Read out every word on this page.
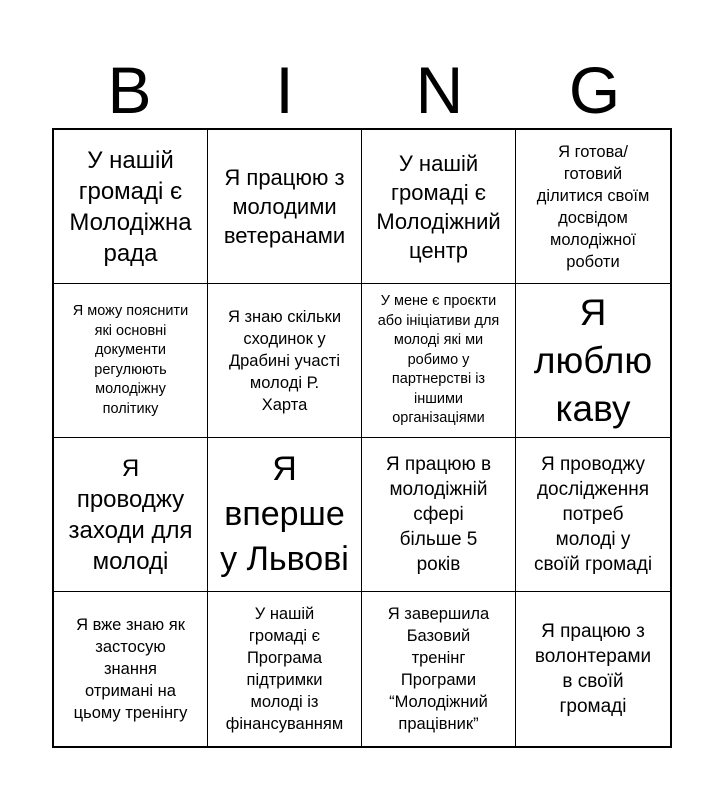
B	I	N	G
У нашій
громаді є
Молодіжна
рада
Я працюю з
молодими
ветеранами
У нашій
громаді є
Молодіжний
центр
Я готова/
готовий
ділитися своїм
досвідом
молодіжної
роботи
Я можу пояснити
які основні
документи
регулюють
молодіжну
політику
Я знаю скільки
сходинок у
Драбині участі
молоді Р.
Харта
У мене є проєкти
або ініціативи для
молоді які ми
робимо у
партнерстві із
іншими
організаціями
Я
люблю
каву
Я
проводжу
заходи для
молоді
Я
вперше
у Львові
Я працюю в
молодіжній
сфері
більше 5
років
Я проводжу
дослідження
потреб
молоді у
своїй громаді
Я вже знаю як
застосую
знання
отримані на
цьому тренінгу
У нашій
громаді є
Програма
підтримки
молоді із
фінансуванням
Я завершила
Базовий
тренінг
Програми
“Молодіжний
працівник”
Я працюю з
волонтерами
в своїй
громаді
